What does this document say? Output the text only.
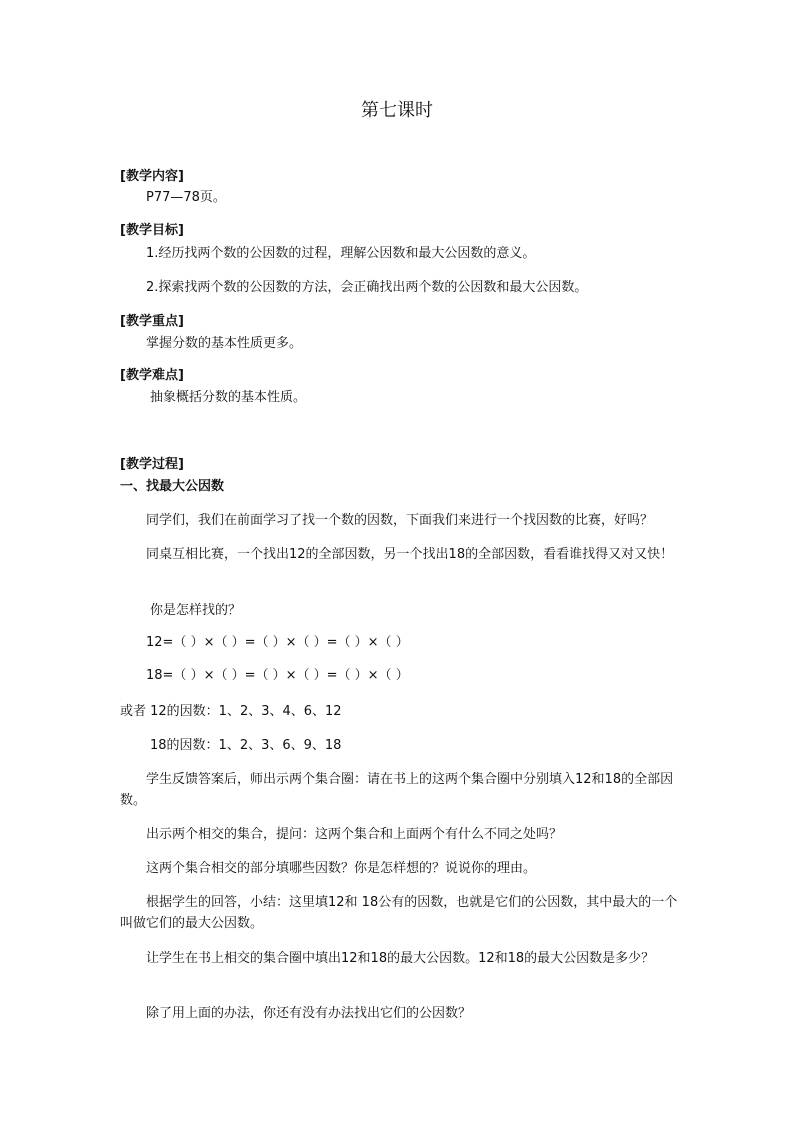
第七课时
[教学内容]
P77—78页。
[教学目标]
1.经历找两个数的公因数的过程，理解公因数和最大公因数的意义。
2.探索找两个数的公因数的方法，会正确找出两个数的公因数和最大公因数。
[教学重点]
掌握分数的基本性质更多。
[教学难点]
抽象概括分数的基本性质。
[教学过程]
一、找最大公因数
同学们，我们在前面学习了找一个数的因数，下面我们来进行一个找因数的比赛，好吗？
同桌互相比赛，一个找出12的全部因数，另一个找出18的全部因数，看看谁找得又对又快！
你是怎样找的？
12=（ ）×（ ）=（ ）×（ ）=（ ）×（ ）
18=（ ）×（ ）=（ ）×（ ）=（ ）×（ ）
或者 12的因数：1、2、3、4、6、12
18的因数：1、2、3、6、9、18
学生反馈答案后，师出示两个集合圈：请在书上的这两个集合圈中分别填入12和18的全部因数。
出示两个相交的集合，提问：这两个集合和上面两个有什么不同之处吗？
这两个集合相交的部分填哪些因数？你是怎样想的？说说你的理由。
根据学生的回答，小结：这里填12和 18公有的因数，也就是它们的公因数，其中最大的一个叫做它们的最大公因数。
让学生在书上相交的集合圈中填出12和18的最大公因数。12和18的最大公因数是多少？
除了用上面的办法，你还有没有办法找出它们的公因数？
